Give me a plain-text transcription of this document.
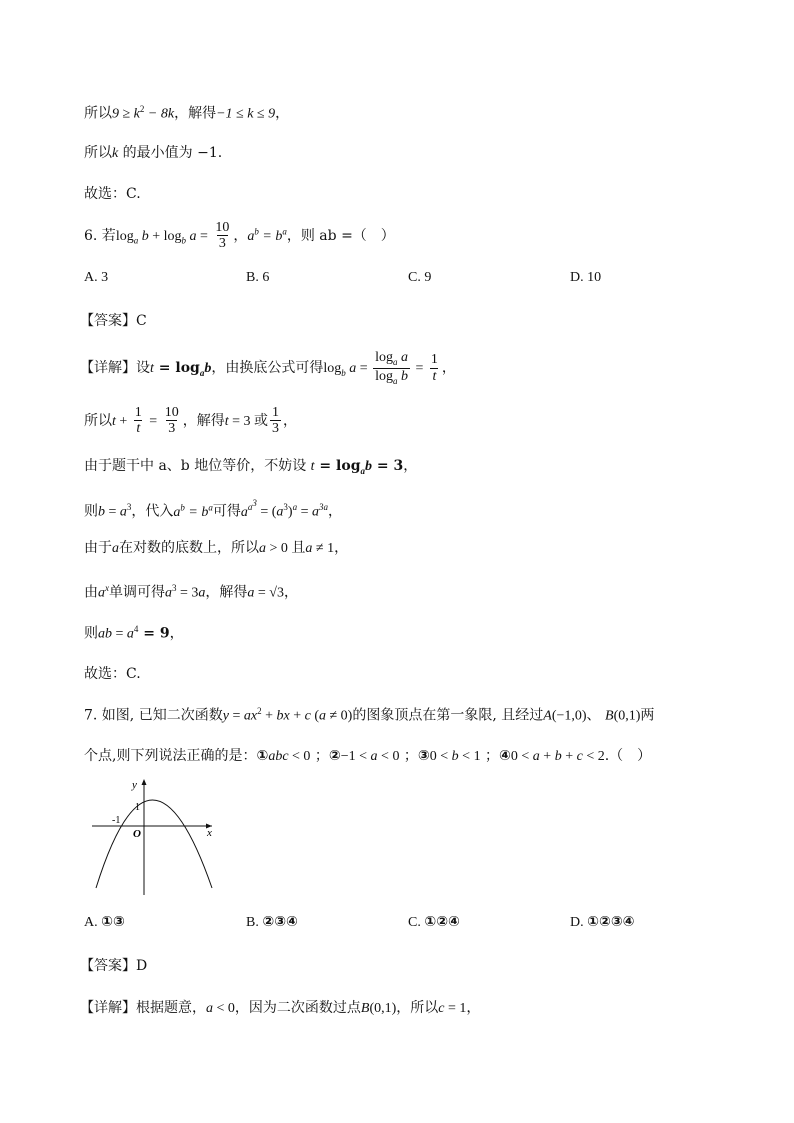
所以$9 \ge k^2 - 8k$，解得−1 ≤ k ≤ 9，
所以k 的最小值为 −1.
故选：C.
6. 若$\log_a b + \log_b a = \frac{10}{3}$ ，$a^b = b^a$，则 ab =（　）
A. 3	B. 6	C. 9	D. 10
【答案】C
【详解】设$t = \log_ab$，由换底公式可得$\log_b a = \frac{\log_a a}{\log_a b} = \frac{1}{t}$ ，
所以$t + \frac{1}{t} = \frac{10}{3}$ ，解得t = 3 或 $\frac{1}{3}$ ，
由于题干中 a、b 地位等价，不妨设 $t = \log_ab = 3$，
则$b = a^3$，代入$a^b = b^a$可得$a^{a^3} = (a^3)^a = a^{3a}$，
由于a在对数的底数上，所以a > 0 且a ≠ 1，
由$a^x$单调可得$a^3 = 3a$，解得a = √3，
则ab = $a^4 = 9$，
故选：C.
7. 如图, 已知二次函数$y = ax^2$ + bx + c (a ≠ 0)的图象顶点在第一象限, 且经过A(−1,0)、 B(0,1)两
个点,则下列说法正确的是：①abc < 0 ；②−1 < a < 0 ；③0 < b < 1 ；④0 < a + b + c < 2.（　）
y
x
O
1
-1
A. ①③	B. ②③④	C. ①②④	D. ①②③④
【答案】D
【详解】根据题意，a < 0，因为二次函数过点B(0,1)，所以c = 1，
